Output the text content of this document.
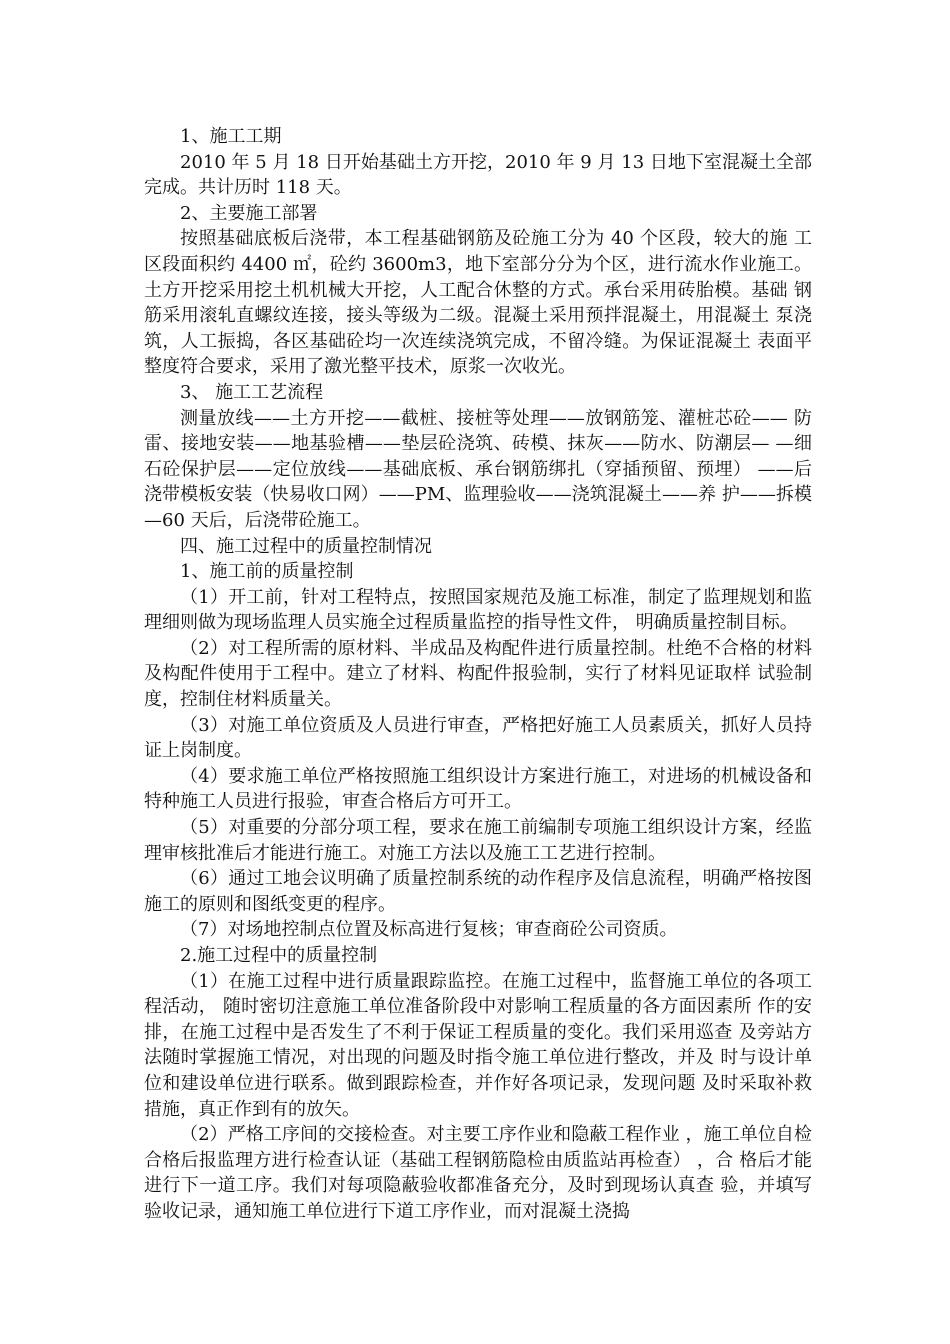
1、施工工期

2010 年 5 月 18 日开始基础土方开挖，2010 年 9 月 13 日地下室混凝土全部完成。共计历时 118 天。

2、主要施工部署

按照基础底板后浇带，本工程基础钢筋及砼施工分为 40 个区段，较大的施 工区段面积约 4400 ㎡，砼约 3600m3，地下室部分分为个区，进行流水作业施工。 土方开挖采用挖土机机械大开挖，人工配合休整的方式。承台采用砖胎模。基础 钢筋采用滚轧直螺纹连接，接头等级为二级。混凝土采用预拌混凝土，用混凝土 泵浇筑，人工振捣，各区基础砼均一次连续浇筑完成，不留冷缝。为保证混凝土 表面平整度符合要求，采用了激光整平技术，原浆一次收光。

3、 施工工艺流程

测量放线——土方开挖——截桩、接桩等处理——放钢筋笼、灌桩芯砼—— 防雷、接地安装——地基验槽——垫层砼浇筑、砖模、抹灰——防水、防潮层— —细石砼保护层——定位放线——基础底板、承台钢筋绑扎（穿插预留、预埋） ——后浇带模板安装（快易收口网）——PM、监理验收——浇筑混凝土——养 护——拆模—60 天后，后浇带砼施工。

四、施工过程中的质量控制情况

1、施工前的质量控制

（1）开工前，针对工程特点，按照国家规范及施工标准，制定了监理规划和监理细则做为现场监理人员实施全过程质量监控的指导性文件， 明确质量控制目标。

（2）对工程所需的原材料、半成品及构配件进行质量控制。杜绝不合格的材料及构配件使用于工程中。建立了材料、构配件报验制，实行了材料见证取样 试验制度，控制住材料质量关。

（3）对施工单位资质及人员进行审查，严格把好施工人员素质关，抓好人员持证上岗制度。

（4）要求施工单位严格按照施工组织设计方案进行施工，对进场的机械设备和特种施工人员进行报验，审查合格后方可开工。

（5）对重要的分部分项工程，要求在施工前编制专项施工组织设计方案，经监理审核批准后才能进行施工。对施工方法以及施工工艺进行控制。

（6）通过工地会议明确了质量控制系统的动作程序及信息流程，明确严格按图施工的原则和图纸变更的程序。

（7）对场地控制点位置及标高进行复核；审查商砼公司资质。

2.施工过程中的质量控制

（1）在施工过程中进行质量跟踪监控。在施工过程中，监督施工单位的各项工程活动， 随时密切注意施工单位准备阶段中对影响工程质量的各方面因素所 作的安排，在施工过程中是否发生了不利于保证工程质量的变化。我们采用巡查 及旁站方法随时掌握施工情况，对出现的问题及时指令施工单位进行整改，并及 时与设计单位和建设单位进行联系。做到跟踪检查，并作好各项记录，发现问题 及时采取补救措施，真正作到有的放矢。

（2）严格工序间的交接检查。对主要工序作业和隐蔽工程作业 ，施工单位自检合格后报监理方进行检查认证（基础工程钢筋隐检由质监站再检查） ，合 格后才能进行下一道工序。我们对每项隐蔽验收都准备充分，及时到现场认真查 验，并填写验收记录，通知施工单位进行下道工序作业，而对混凝土浇捣
